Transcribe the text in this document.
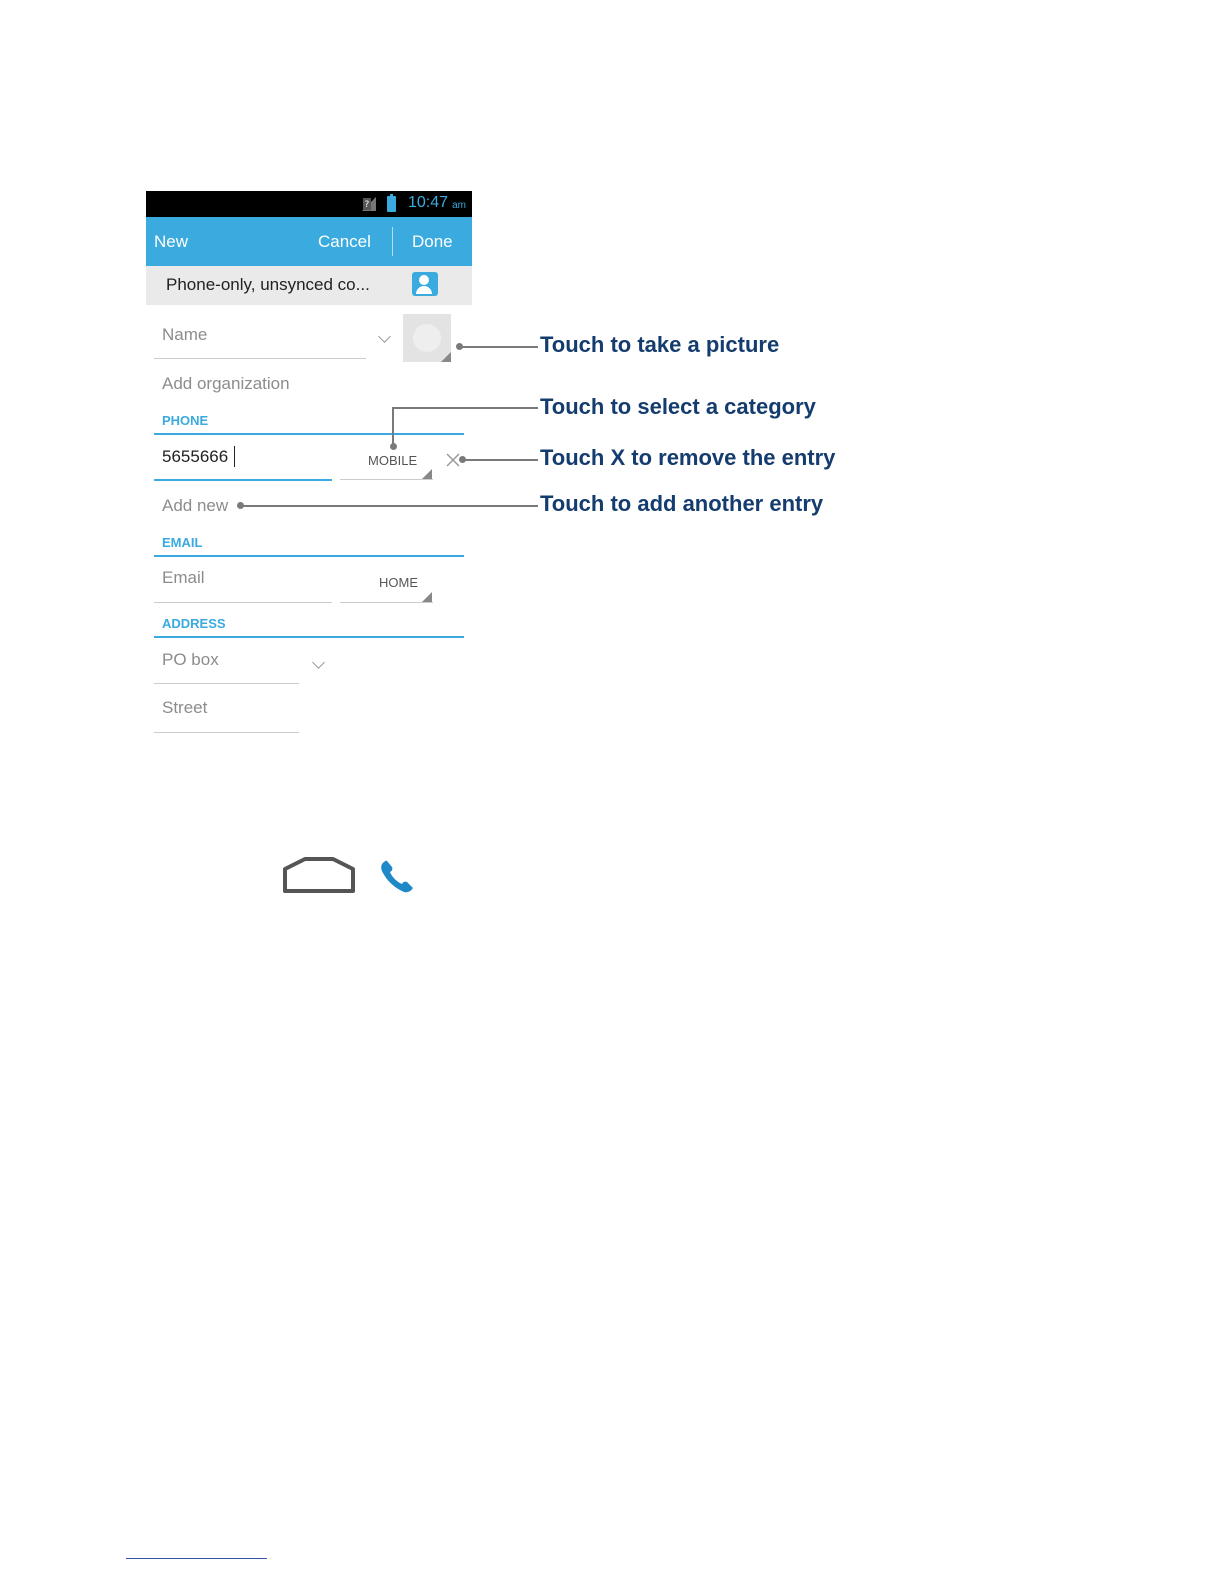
? 10:47 am
New	Cancel Done
Phone-only, unsynced co...
Name
Add organization
PHONE
5655666	MOBILE
Add new
EMAIL
Email	HOME
ADDRESS
PO box
Street
Touch to take a picture
Touch to select a category
Touch X to remove the entry
Touch to add another entry
